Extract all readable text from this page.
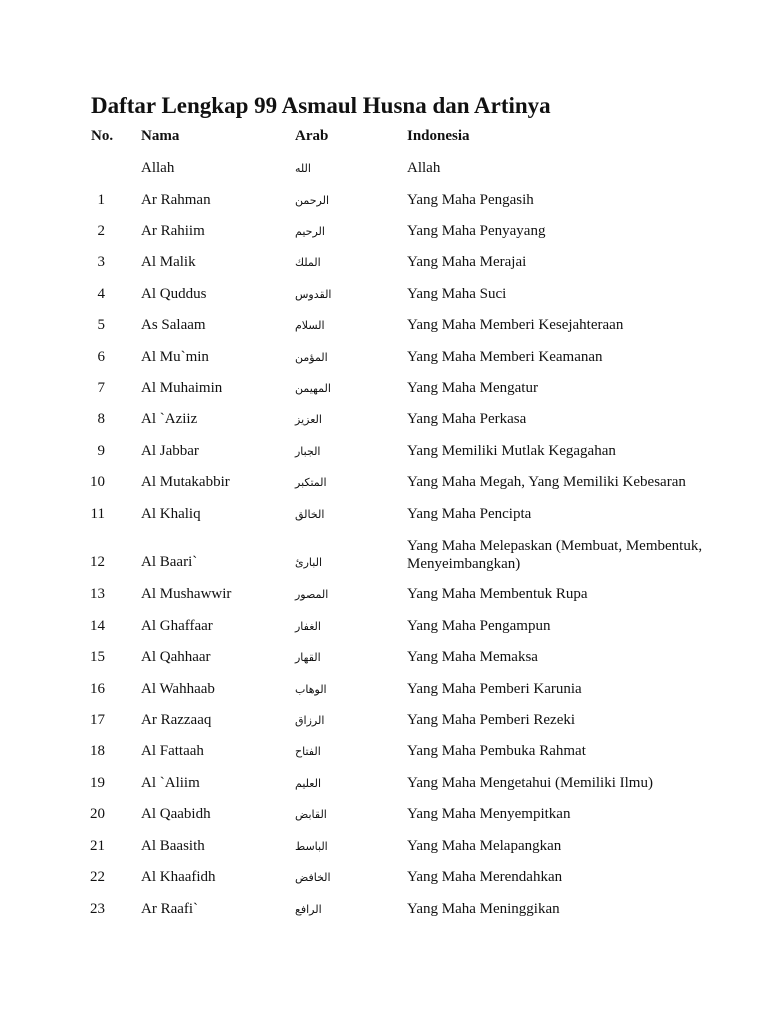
Daftar Lengkap 99 Asmaul Husna dan Artinya
No. Nama	Arab	Indonesia
Allah	الله	Allah
1 Ar Rahman	الرحمن	Yang Maha Pengasih
2 Ar Rahiim	الرحيم	Yang Maha Penyayang
3 Al Malik	الملك	Yang Maha Merajai
4 Al Quddus	القدوس	Yang Maha Suci
5 As Salaam	السلام	Yang Maha Memberi Kesejahteraan
6 Al Mu`min	المؤمن	Yang Maha Memberi Keamanan
7 Al Muhaimin	المهيمن	Yang Maha Mengatur
8 Al `Aziiz	العزيز	Yang Maha Perkasa
9 Al Jabbar	الجبار	Yang Memiliki Mutlak Kegagahan
10 Al Mutakabbir	المتكبر	Yang Maha Megah, Yang Memiliki Kebesaran
11 Al Khaliq	الخالق	Yang Maha Pencipta
12 Al Baari`	البارئ
Yang Maha Melepaskan (Membuat, Membentuk, Menyeimbangkan)
13 Al Mushawwir	المصور	Yang Maha Membentuk Rupa
14 Al Ghaffaar	الغفار	Yang Maha Pengampun
15 Al Qahhaar	القهار	Yang Maha Memaksa
16 Al Wahhaab	الوهاب	Yang Maha Pemberi Karunia
17 Ar Razzaaq	الرزاق	Yang Maha Pemberi Rezeki
18 Al Fattaah	الفتاح	Yang Maha Pembuka Rahmat
19 Al `Aliim	العليم	Yang Maha Mengetahui (Memiliki Ilmu)
20 Al Qaabidh	القابض	Yang Maha Menyempitkan
21 Al Baasith	الباسط	Yang Maha Melapangkan
22 Al Khaafidh	الخافض	Yang Maha Merendahkan
23 Ar Raafi`	الرافع	Yang Maha Meninggikan
